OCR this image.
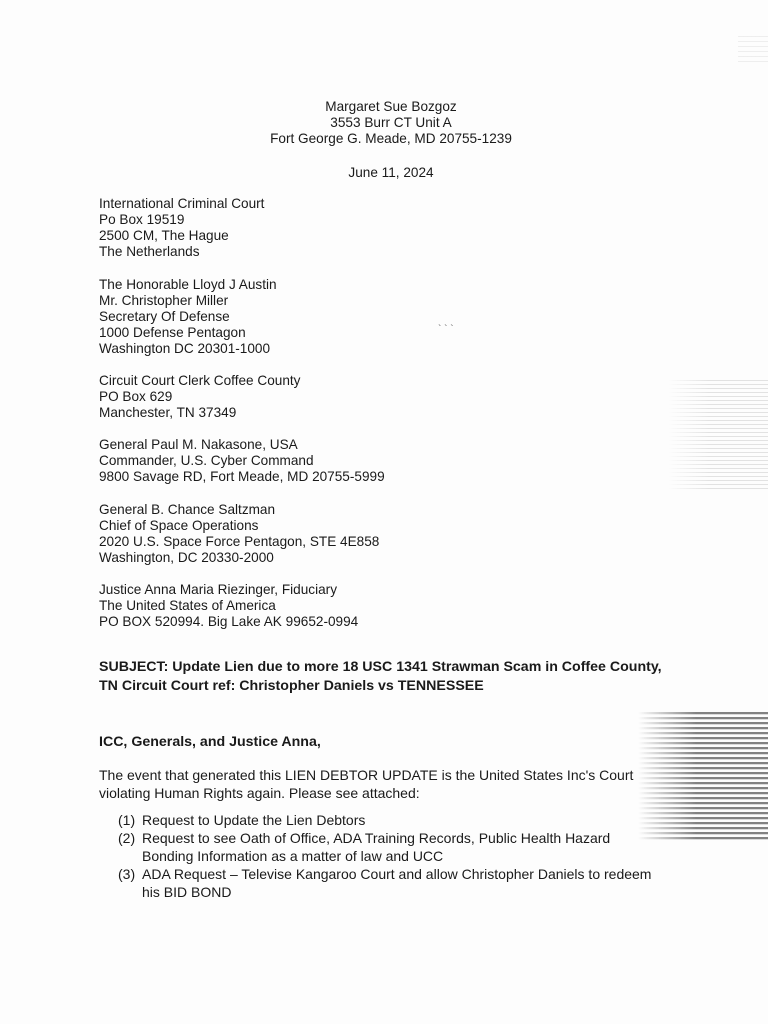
` ` `
Margaret Sue Bozgoz
3553 Burr CT Unit A
Fort George G. Meade, MD 20755-1239
June 11, 2024
International Criminal Court
Po Box 19519
2500 CM, The Hague
The Netherlands
The Honorable Lloyd J Austin
Mr. Christopher Miller
Secretary Of Defense
1000 Defense Pentagon
Washington DC 20301-1000
Circuit Court Clerk Coffee County
PO Box 629
Manchester, TN 37349
General Paul M. Nakasone, USA
Commander, U.S. Cyber Command
9800 Savage RD, Fort Meade, MD 20755-5999
General B. Chance Saltzman
Chief of Space Operations
2020 U.S. Space Force Pentagon, STE 4E858
Washington, DC 20330-2000
Justice Anna Maria Riezinger, Fiduciary
The United States of America
PO BOX 520994. Big Lake AK 99652-0994
SUBJECT: Update Lien due to more 18 USC 1341 Strawman Scam in Coffee County, TN Circuit Court ref: Christopher Daniels vs TENNESSEE
ICC, Generals, and Justice Anna,
The event that generated this LIEN DEBTOR UPDATE is the United States Inc's Court violating Human Rights again. Please see attached:
(1) Request to Update the Lien Debtors
(2) Request to see Oath of Office, ADA Training Records, Public Health Hazard Bonding Information as a matter of law and UCC
(3) ADA Request – Televise Kangaroo Court and allow Christopher Daniels to redeem his BID BOND
